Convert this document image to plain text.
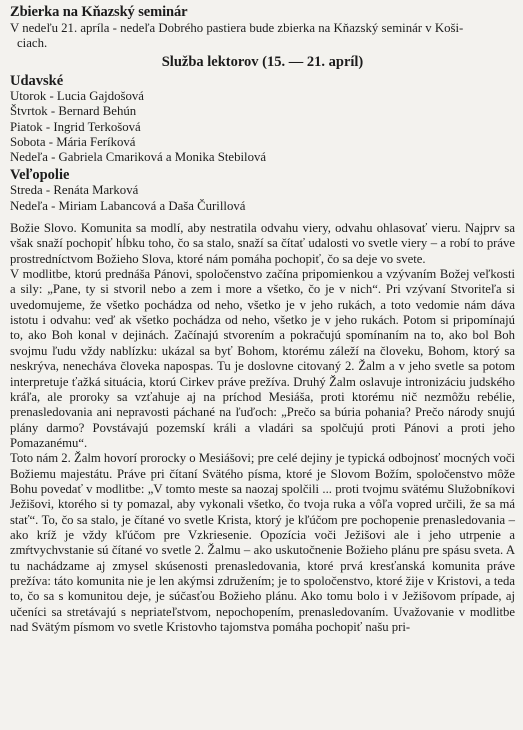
Zbierka na Kňazský seminár

V nedeľu 21. apríla - nedeľa Dobrého pastiera bude zbierka na Kňazský seminár v Koši-
ciach.

Služba lektorov (15. — 21. apríl)
Udavské
Utorok - Lucia Gajdošová
Štvrtok - Bernard Behún
Piatok - Ingrid Terkošová
Sobota - Mária Feríková
Nedeľa - Gabriela Cmariková a Monika Stebilová
Veľopolie
Streda - Renáta Marková
Nedeľa - Miriam Labancová a Daša Čurillová

Božie Slovo. Komunita sa modlí, aby nestratila odvahu viery, odvahu ohlasovať vieru. Najprv sa však snaží pochopiť hĺbku toho, čo sa stalo, snaží sa čítať udalosti vo svetle viery – a robí to práve prostredníctvom Božieho Slova, ktoré nám pomáha pochopiť, čo sa deje vo svete.

V modlitbe, ktorú prednáša Pánovi, spoločenstvo začína pripomienkou a vzývaním Božej veľkosti a sily: „Pane, ty si stvoril nebo a zem i more a všetko, čo je v nich“. Pri vzývaní Stvoriteľa si uvedomujeme, že všetko pochádza od neho, všetko je v jeho rukách, a toto vedomie nám dáva istotu i odvahu: veď ak všetko pochádza od neho, všetko je v jeho rukách. Potom si pripomínajú to, ako Boh konal v dejinách. Začínajú stvorením a pokračujú spomínaním na to, ako bol Boh svojmu ľudu vždy nablízku: ukázal sa byť Bohom, ktorému záleží na človeku, Bohom, ktorý sa neskrýva, nenecháva človeka napospas. Tu je doslovne citovaný 2. Žalm a v jeho svetle sa potom interpretuje ťažká situácia, ktorú Cirkev práve prežíva. Druhý Žalm oslavuje intronizáciu judského kráľa, ale proroky sa vzťahuje aj na príchod Mesiáša, proti ktorému nič nezmôžu rebélie, prenasledovania ani nepravosti páchané na ľuďoch: „Prečo sa búria pohania? Prečo národy snujú plány darmo? Povstávajú pozemskí králi a vladári sa spolčujú proti Pánovi a proti jeho Pomazanému“.

Toto nám 2. Žalm hovorí prorocky o Mesiášovi; pre celé dejiny je typická odbojnosť mocných voči Božiemu majestátu. Práve pri čítaní Svätého písma, ktoré je Slovom Božím, spoločenstvo môže Bohu povedať v modlitbe: „V tomto meste sa naozaj spolčili ... proti tvojmu svätému Služobníkovi Ježišovi, ktorého si ty pomazal, aby vykonali všetko, čo tvoja ruka a vôľa vopred určili, že sa má stať“. To, čo sa stalo, je čítané vo svetle Krista, ktorý je kľúčom pre pochopenie prenasledovania – ako kríž je vždy kľúčom pre Vzkriesenie. Opozícia voči Ježišovi ale i jeho utrpenie a zmŕtvychvstanie sú čítané vo svetle 2. Žalmu – ako uskutočnenie Božieho plánu pre spásu sveta. A tu nachádzame aj zmysel skúsenosti prenasledovania, ktoré prvá kresťanská komunita práve prežíva: táto komunita nie je len akýmsi združením; je to spoločenstvo, ktoré žije v Kristovi, a teda to, čo sa s komunitou deje, je súčasťou Božieho plánu. Ako tomu bolo i v Ježišovom prípade, aj učeníci sa stretávajú s nepriateľstvom, nepochopením, prenasledovaním. Uvažovanie v modlitbe nad Svätým písmom vo svetle Kristovho tajomstva pomáha pochopiť našu pri-
